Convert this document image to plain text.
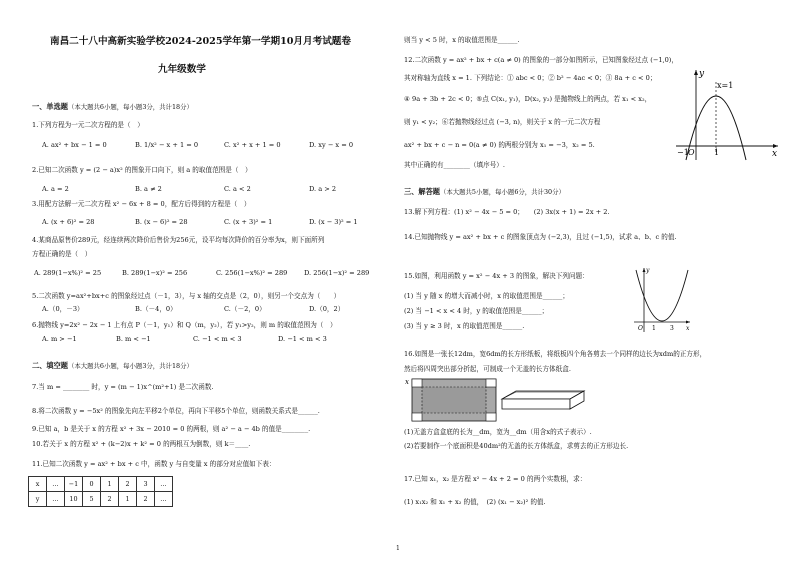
南昌二十八中高新实验学校2024-2025学年第一学期10月月考试题卷
九年级数学
一、单选题（本大题共6小题，每小题3分，共计18分）
1.下列方程为一元二次方程的是（　）
A. ax² + bx − 1 = 0	B. 1/x² − x + 1 = 0	C. x² + x + 1 = 0	D. xy − x = 0
2.已知二次函数 y = (2 − a)x² 的图象开口向下，则 a 的取值范围是（　）
A. a = 2	B. a ≠ 2	C. a < 2	D. a > 2
3.用配方法解一元二次方程 x² − 6x + 8 = 0，配方后得到的方程是（　）
A. (x + 6)² = 28	B. (x − 6)² = 28	C. (x + 3)² = 1	D. (x − 3)² = 1
4.某商品原售价289元，经连续两次降价后售价为256元，设平均每次降价的百分率为x，则下面所列
方程正确的是（　）
A. 289(1−x%)² = 25	B. 289(1−x)² = 256	C. 256(1−x%)² = 289	D. 256(1−x)² = 289
5.二次函数 y=ax²+bx+c 的图象经过点（－1，3），与 x 轴的交点是（2，0），则另一个交点为（　　）
A.（0，－3）	B.（－4，0）	C.（－2，0）	D.（0，2）
6.抛物线 y=2x² − 2x − 1 上有点 P（－1，y₁）和 Q（m，y₂），若 y₁>y₂，则 m 的取值范围为（　）
A. m > −1	B. m < −1	C. −1 < m < 3	D. −1 < m < 3
二、填空题（本大题共6小题，每小题3分，共计18分）
7.当 m = ________ 时，y = (m − 1)x^(m²+1) 是二次函数.
8.将二次函数 y = −5x² 的图象先向左平移2个单位，再向下平移5个单位，则函数关系式是______.
9.已知 a，b 是关于 x 的方程 x² + 3x − 2010 = 0 的两根，则 a² − a − 4b 的值是________.
10.若关于 x 的方程 x² + (k−2)x + k² = 0 的两根互为倒数，则 k＝____.
11.已知二次函数 y = ax² + bx + c 中，函数 y 与自变量 x 的部分对应值如下表：
x	…	−1	0	1	2	3	…
y	…	10	5	2	1	2	…
则当 y < 5 时，x 的取值范围是______.
12.二次函数 y = ax² + bx + c(a ≠ 0) 的图象的一部分如图所示，已知图象经过点 (−1,0)，
其对称轴为直线 x = 1. 下列结论：① abc < 0；② b² − 4ac < 0；③ 8a + c < 0；
④ 9a + 3b + 2c < 0；⑤点 C(x₁, y₁)，D(x₂, y₂) 是抛物线上的两点，若 x₁ < x₂，
则 y₁ < y₂；⑥若抛物线经过点 (−3, n)，则关于 x 的一元二次方程
ax² + bx + c − n = 0(a ≠ 0) 的两根分别为 x₁ = −3，x₂ = 5.
其中正确的有________（填序号）.
y
x
x=1
−1 O 1
三、解答题（本大题共5小题，每小题6分，共计30分）
13.解下列方程：(1) x² − 4x − 5 = 0；　　(2) 3x(x + 1) = 2x + 2.
14.已知抛物线 y = ax² + bx + c 的图象顶点为 (−2,3)，且过 (−1,5)，试求 a、b、c 的值.
15.如图，利用函数 y = x² − 4x + 3 的图象，解决下列问题：
(1) 当 y 随 x 的增大而减小时，x 的取值范围是______；
(2) 当 −1 < x < 4 时，y 的取值范围是______；
(3) 当 y ≥ 3 时，x 的取值范围是______.
y
x
O 1 3
16.如图是一张长12dm，宽6dm的长方形纸板，将纸板四个角各剪去一个同样的边长为xdm的正方形，
然后将四周突出部分折起，可制成一个无盖的长方体纸盒.
x
(1)无盖方盒盒底的长为__dm，宽为__dm（用含x的式子表示）.
(2)若要制作一个底面积是40dm²的无盖的长方体纸盒，求剪去的正方形边长.
17.已知 x₁，x₂ 是方程 x² − 4x + 2 = 0 的两个实数根，求：
(1) x₁x₂ 和 x₁ + x₂ 的值，　(2) (x₁ − x₂)² 的值.
1
